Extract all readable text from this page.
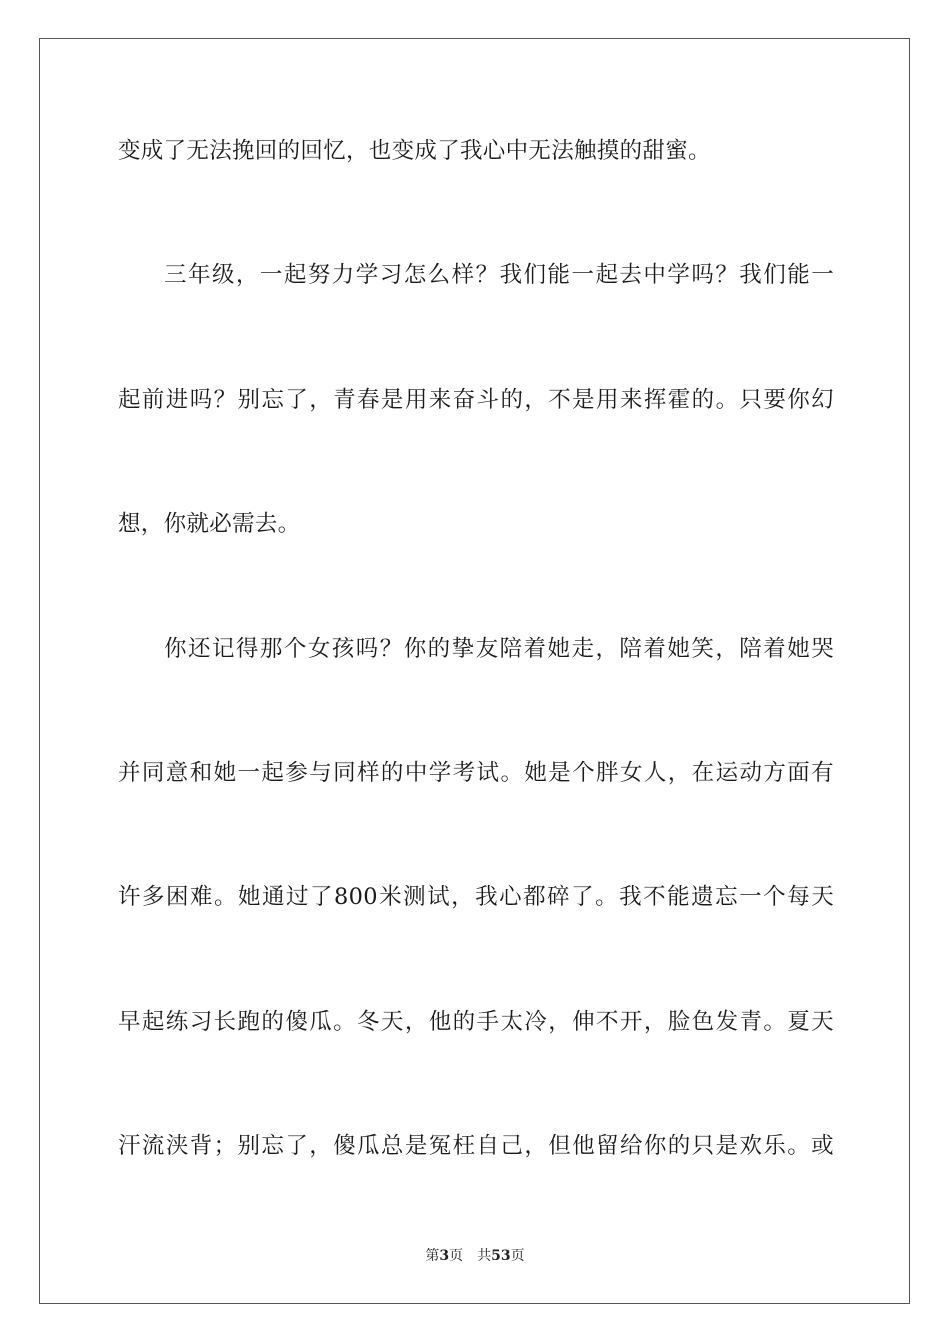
变成了无法挽回的回忆，也变成了我心中无法触摸的甜蜜。
三年级，一起努力学习怎么样？我们能一起去中学吗？我们能一
起前进吗？别忘了，青春是用来奋斗的，不是用来挥霍的。只要你幻
想，你就必需去。
你还记得那个女孩吗？你的挚友陪着她走，陪着她笑，陪着她哭
并同意和她一起参与同样的中学考试。她是个胖女人，在运动方面有
许多困难。她通过了800米测试，我心都碎了。我不能遗忘一个每天
早起练习长跑的傻瓜。冬天，他的手太冷，伸不开，脸色发青。夏天
汗流浃背；别忘了，傻瓜总是冤枉自己，但他留给你的只是欢乐。或
第3页 共53页
